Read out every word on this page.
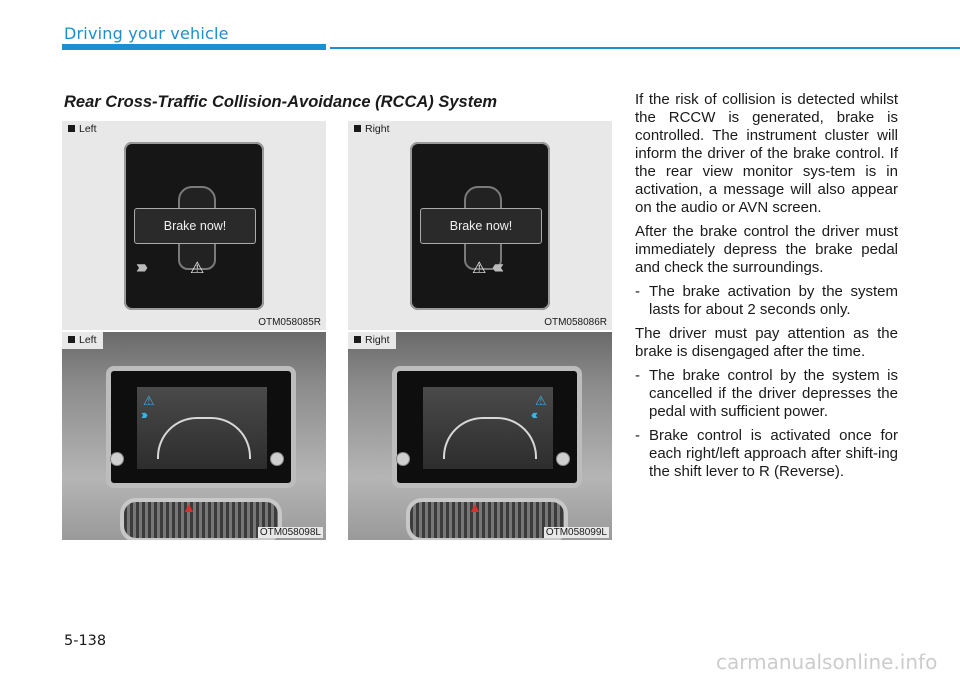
Driving your vehicle
Rear Cross-Traffic Collision-Avoidance (RCCA) System
Left
Brake now!
››››	⚠
OTM058085R
Right
Brake now!
⚠ ‹‹‹‹
OTM058086R
⚠
›››
▲
Left
OTM058098L
⚠
‹‹‹
▲
Right
OTM058099L

If the risk of collision is detected whilst the RCCW is generated, brake is controlled. The instrument cluster will inform the driver of the brake control. If the rear view monitor sys-tem is in activation, a message will also appear on the audio or AVN screen.

After the brake control the driver must immediately depress the brake pedal and check the surroundings.

- The brake activation by the system lasts for about 2 seconds only.

The driver must pay attention as the brake is disengaged after the time.

- The brake control by the system is cancelled if the driver depresses the pedal with sufficient power.
- Brake control is activated once for each right/left approach after shift-ing the shift lever to R (Reverse).
5-138
carmanualsonline.info
